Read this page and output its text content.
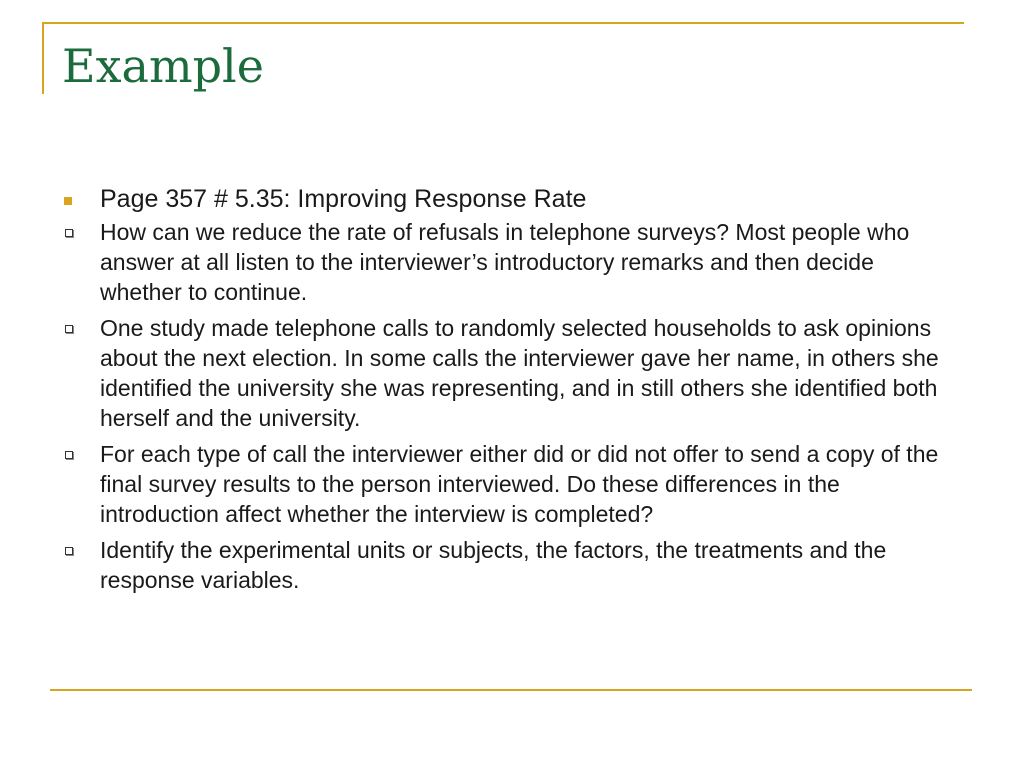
Example
Page 357 # 5.35: Improving Response Rate
How can we reduce the rate of refusals in telephone surveys? Most people who answer at all listen to the interviewer’s introductory remarks and then decide whether to continue.
One study made telephone calls to randomly selected households to ask opinions about the next election. In some calls the interviewer gave her name, in others she identified the university she was representing, and in still others she identified both herself and the university.
For each type of call the interviewer either did or did not offer to send a copy of the final survey results to the person interviewed. Do these differences in the introduction affect whether the interview is completed?
Identify the experimental units or subjects, the factors, the treatments and the response variables.
